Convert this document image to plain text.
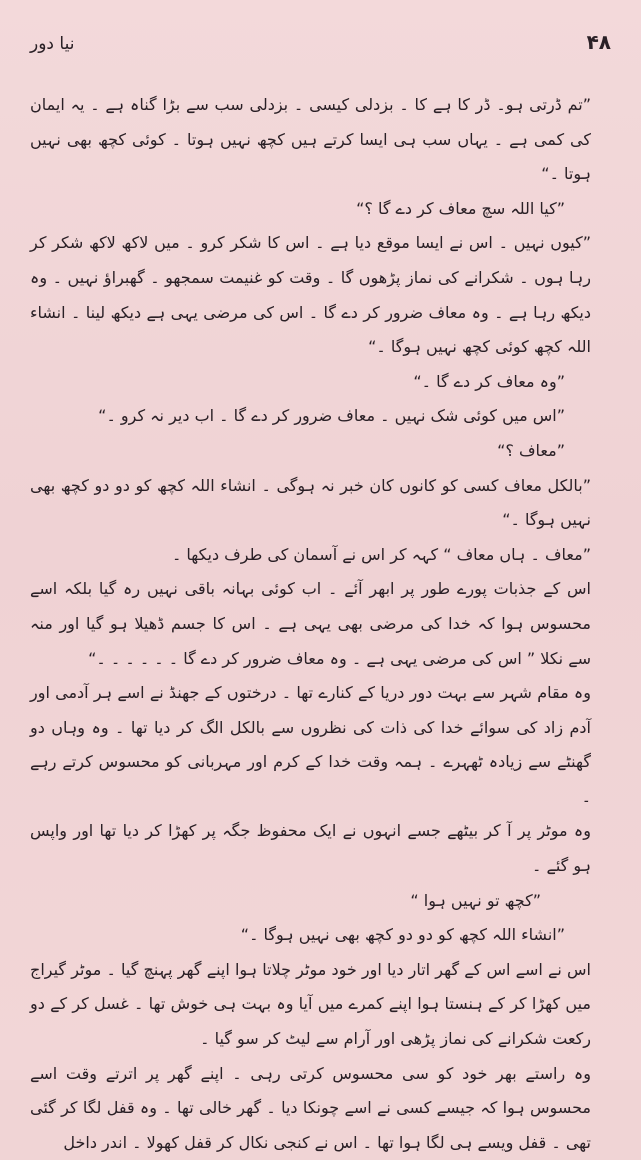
نیا دور	۴۸

”تم ڈرتی ہو۔ ڈر کا ہے کا ۔ بزدلی کیسی ۔ بزدلی سب سے بڑا گناہ ہے ۔ یہ ایمان کی کمی ہے ۔ یہاں سب ہی ایسا کرتے ہیں کچھ نہیں ہوتا ۔ کوئی کچھ بھی نہیں ہوتا ۔“

”کیا اللہ سچ معاف کر دے گا ؟“

”کیوں نہیں ۔ اس نے ایسا موقع دیا ہے ۔ اس کا شکر کرو ۔ میں لاکھ لاکھ شکر کر رہا ہوں ۔ شکرانے کی نماز پڑھوں گا ۔ وقت کو غنیمت سمجھو ۔ گھبراؤ نہیں ۔ وہ دیکھ رہا ہے ۔ وہ معاف ضرور کر دے گا ۔ اس کی مرضی یہی ہے دیکھ لینا ۔ انشاء اللہ کچھ کوئی کچھ نہیں ہوگا ۔“

”وہ معاف کر دے گا ۔“

”اس میں کوئی شک نہیں ۔ معاف ضرور کر دے گا ۔ اب دیر نہ کرو ۔“

”معاف ؟“

”بالکل معاف کسی کو کانوں کان خبر نہ ہوگی ۔ انشاء اللہ کچھ کو دو دو کچھ بھی نہیں ہوگا ۔“

”معاف ۔ ہاں معاف “ کہہ کر اس نے آسمان کی طرف دیکھا ۔

اس کے جذبات پورے طور پر ابھر آئے ۔ اب کوئی بہانہ باقی نہیں رہ گیا بلکہ اسے محسوس ہوا کہ خدا کی مرضی بھی یہی ہے ۔ اس کا جسم ڈھیلا ہو گیا اور منہ سے نکلا ” اس کی مرضی یہی ہے ۔ وہ معاف ضرور کر دے گا ۔ ۔ ۔ ۔ ۔ ۔“

وہ مقام شہر سے بہت دور دریا کے کنارے تھا ۔ درختوں کے جھنڈ نے اسے ہر آدمی اور آدم زاد کی سوائے خدا کی ذات کی نظروں سے بالکل الگ کر دیا تھا ۔ وہ وہاں دو گھنٹے سے زیادہ ٹھہرے ۔ ہمہ وقت خدا کے کرم اور مہربانی کو محسوس کرتے رہے ۔

وہ موٹر پر آ کر بیٹھے جسے انہوں نے ایک محفوظ جگہ پر کھڑا کر دیا تھا اور واپس ہو گئے ۔

”کچھ تو نہیں ہوا “

”انشاء اللہ کچھ کو دو دو کچھ بھی نہیں ہوگا ۔“

اس نے اسے اس کے گھر اتار دیا اور خود موٹر چلاتا ہوا اپنے گھر پہنچ گیا ۔ موٹر گیراج میں کھڑا کر کے ہنستا ہوا اپنے کمرے میں آیا وہ بہت ہی خوش تھا ۔ غسل کر کے دو رکعت شکرانے کی نماز پڑھی اور آرام سے لیٹ کر سو گیا ۔

وہ راستے بھر خود کو سی محسوس کرتی رہی ۔ اپنے گھر پر اترتے وقت اسے محسوس ہوا کہ جیسے کسی نے اسے چونکا دیا ۔ گھر خالی تھا ۔ وہ قفل لگا کر گئی تھی ۔ قفل ویسے ہی لگا ہوا تھا ۔ اس نے کنجی نکال کر قفل کھولا ۔ اندر داخل
